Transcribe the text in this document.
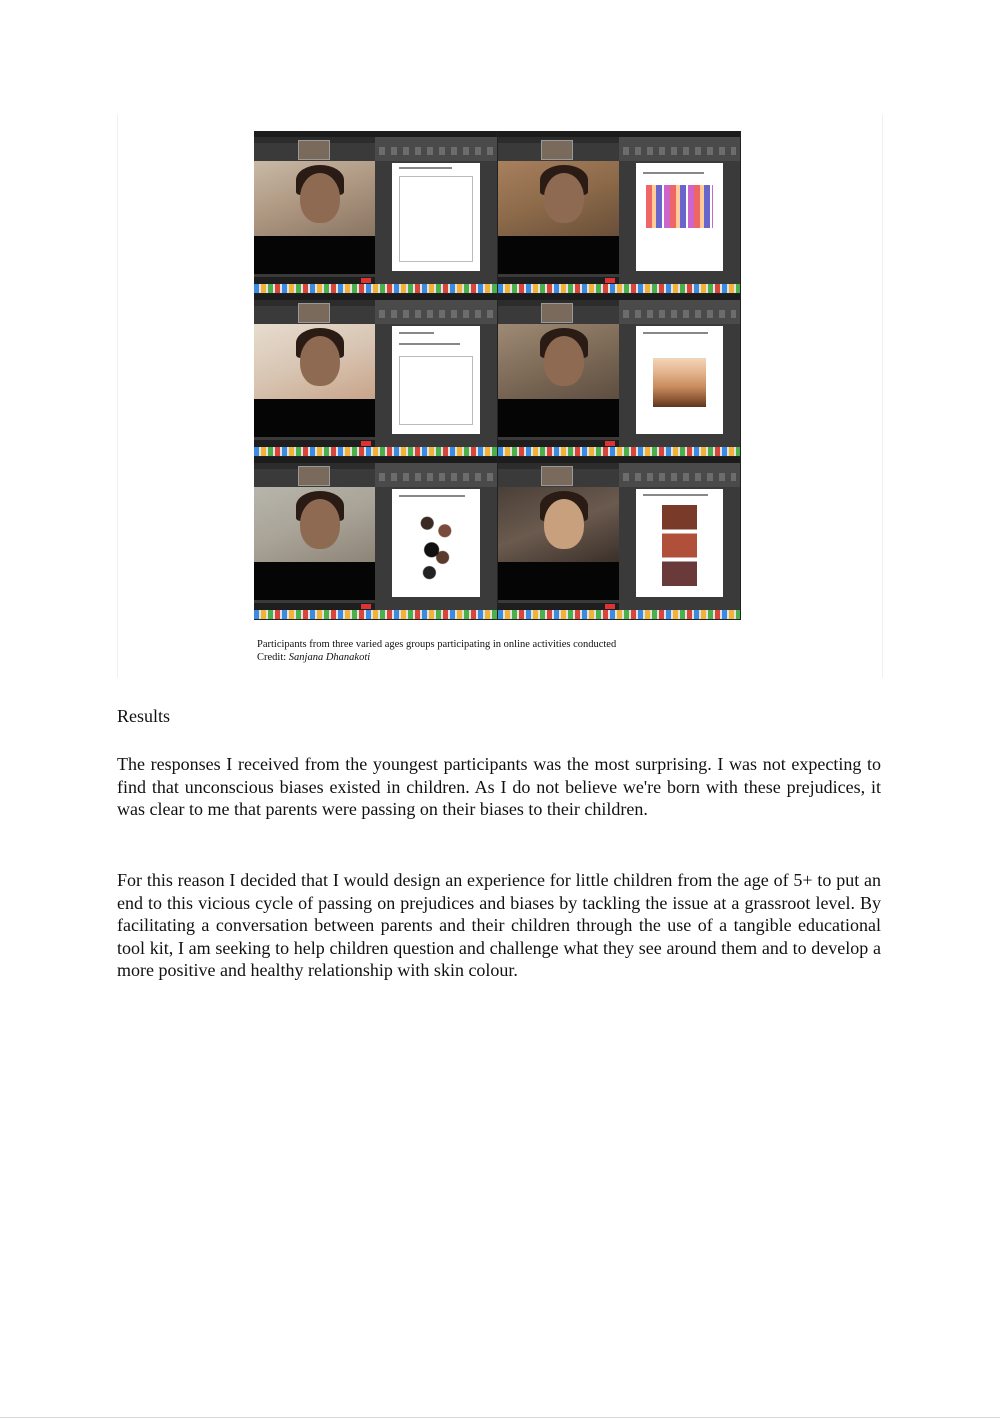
Participants from three varied ages groups participating in online activities conducted
Credit: Sanjana Dhanakoti
Results

The responses I received from the youngest participants was the most surprising. I was not expecting to find that unconscious biases existed in children. As I do not believe we're born with these prejudices, it was clear to me that parents were passing on their biases to their children.

For this reason I decided that I would design an experience for little children from the age of 5+ to put an end to this vicious cycle of passing on prejudices and biases by tackling the issue at a grassroot level. By facilitating a conversation between parents and their children through the use of a tangible educational tool kit, I am seeking to help children question and challenge what they see around them and to develop a more positive and healthy relationship with skin colour.
